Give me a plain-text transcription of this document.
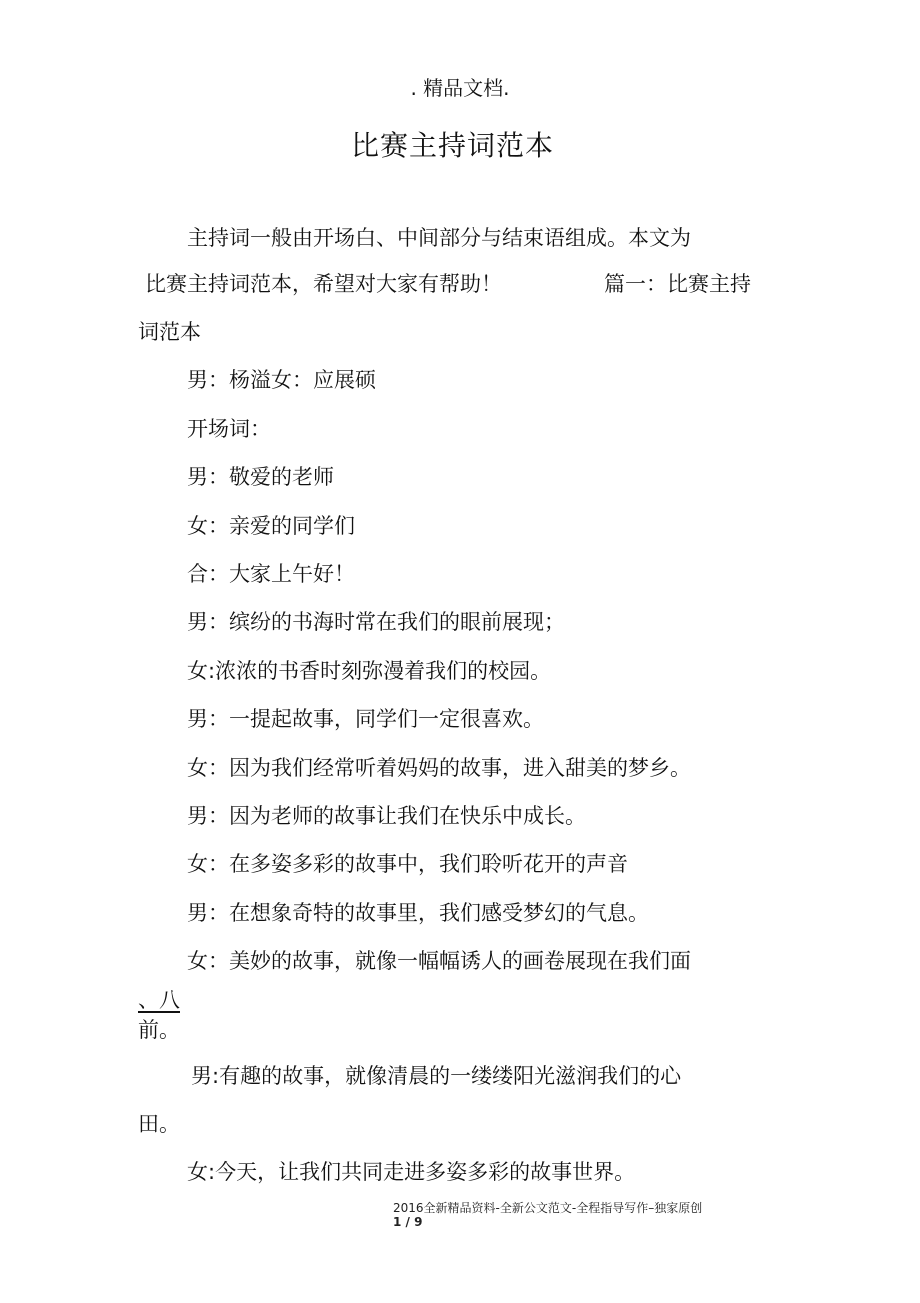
. 精品文档.
比赛主持词范本
主持词一般由开场白、中间部分与结束语组成。本文为
比赛主持词范本，希望对大家有帮助！	篇一：比赛主持
词范本
男：杨溢女：应展硕
开场词：
男：敬爱的老师
女：亲爱的同学们
合：大家上午好！
男：缤纷的书海时常在我们的眼前展现；
女:浓浓的书香时刻弥漫着我们的校园。
男：一提起故事，同学们一定很喜欢。
女：因为我们经常听着妈妈的故事，进入甜美的梦乡。
男：因为老师的故事让我们在快乐中成长。
女：在多姿多彩的故事中，我们聆听花开的声音
男：在想象奇特的故事里，我们感受梦幻的气息。
女：美妙的故事，就像一幅幅诱人的画卷展现在我们面
、八
前。
男:有趣的故事，就像清晨的一缕缕阳光滋润我们的心
田。
女:今天，让我们共同走进多姿多彩的故事世界。
2016全新精品资料-全新公文范文-全程指导写作–独家原创
1 / 9
